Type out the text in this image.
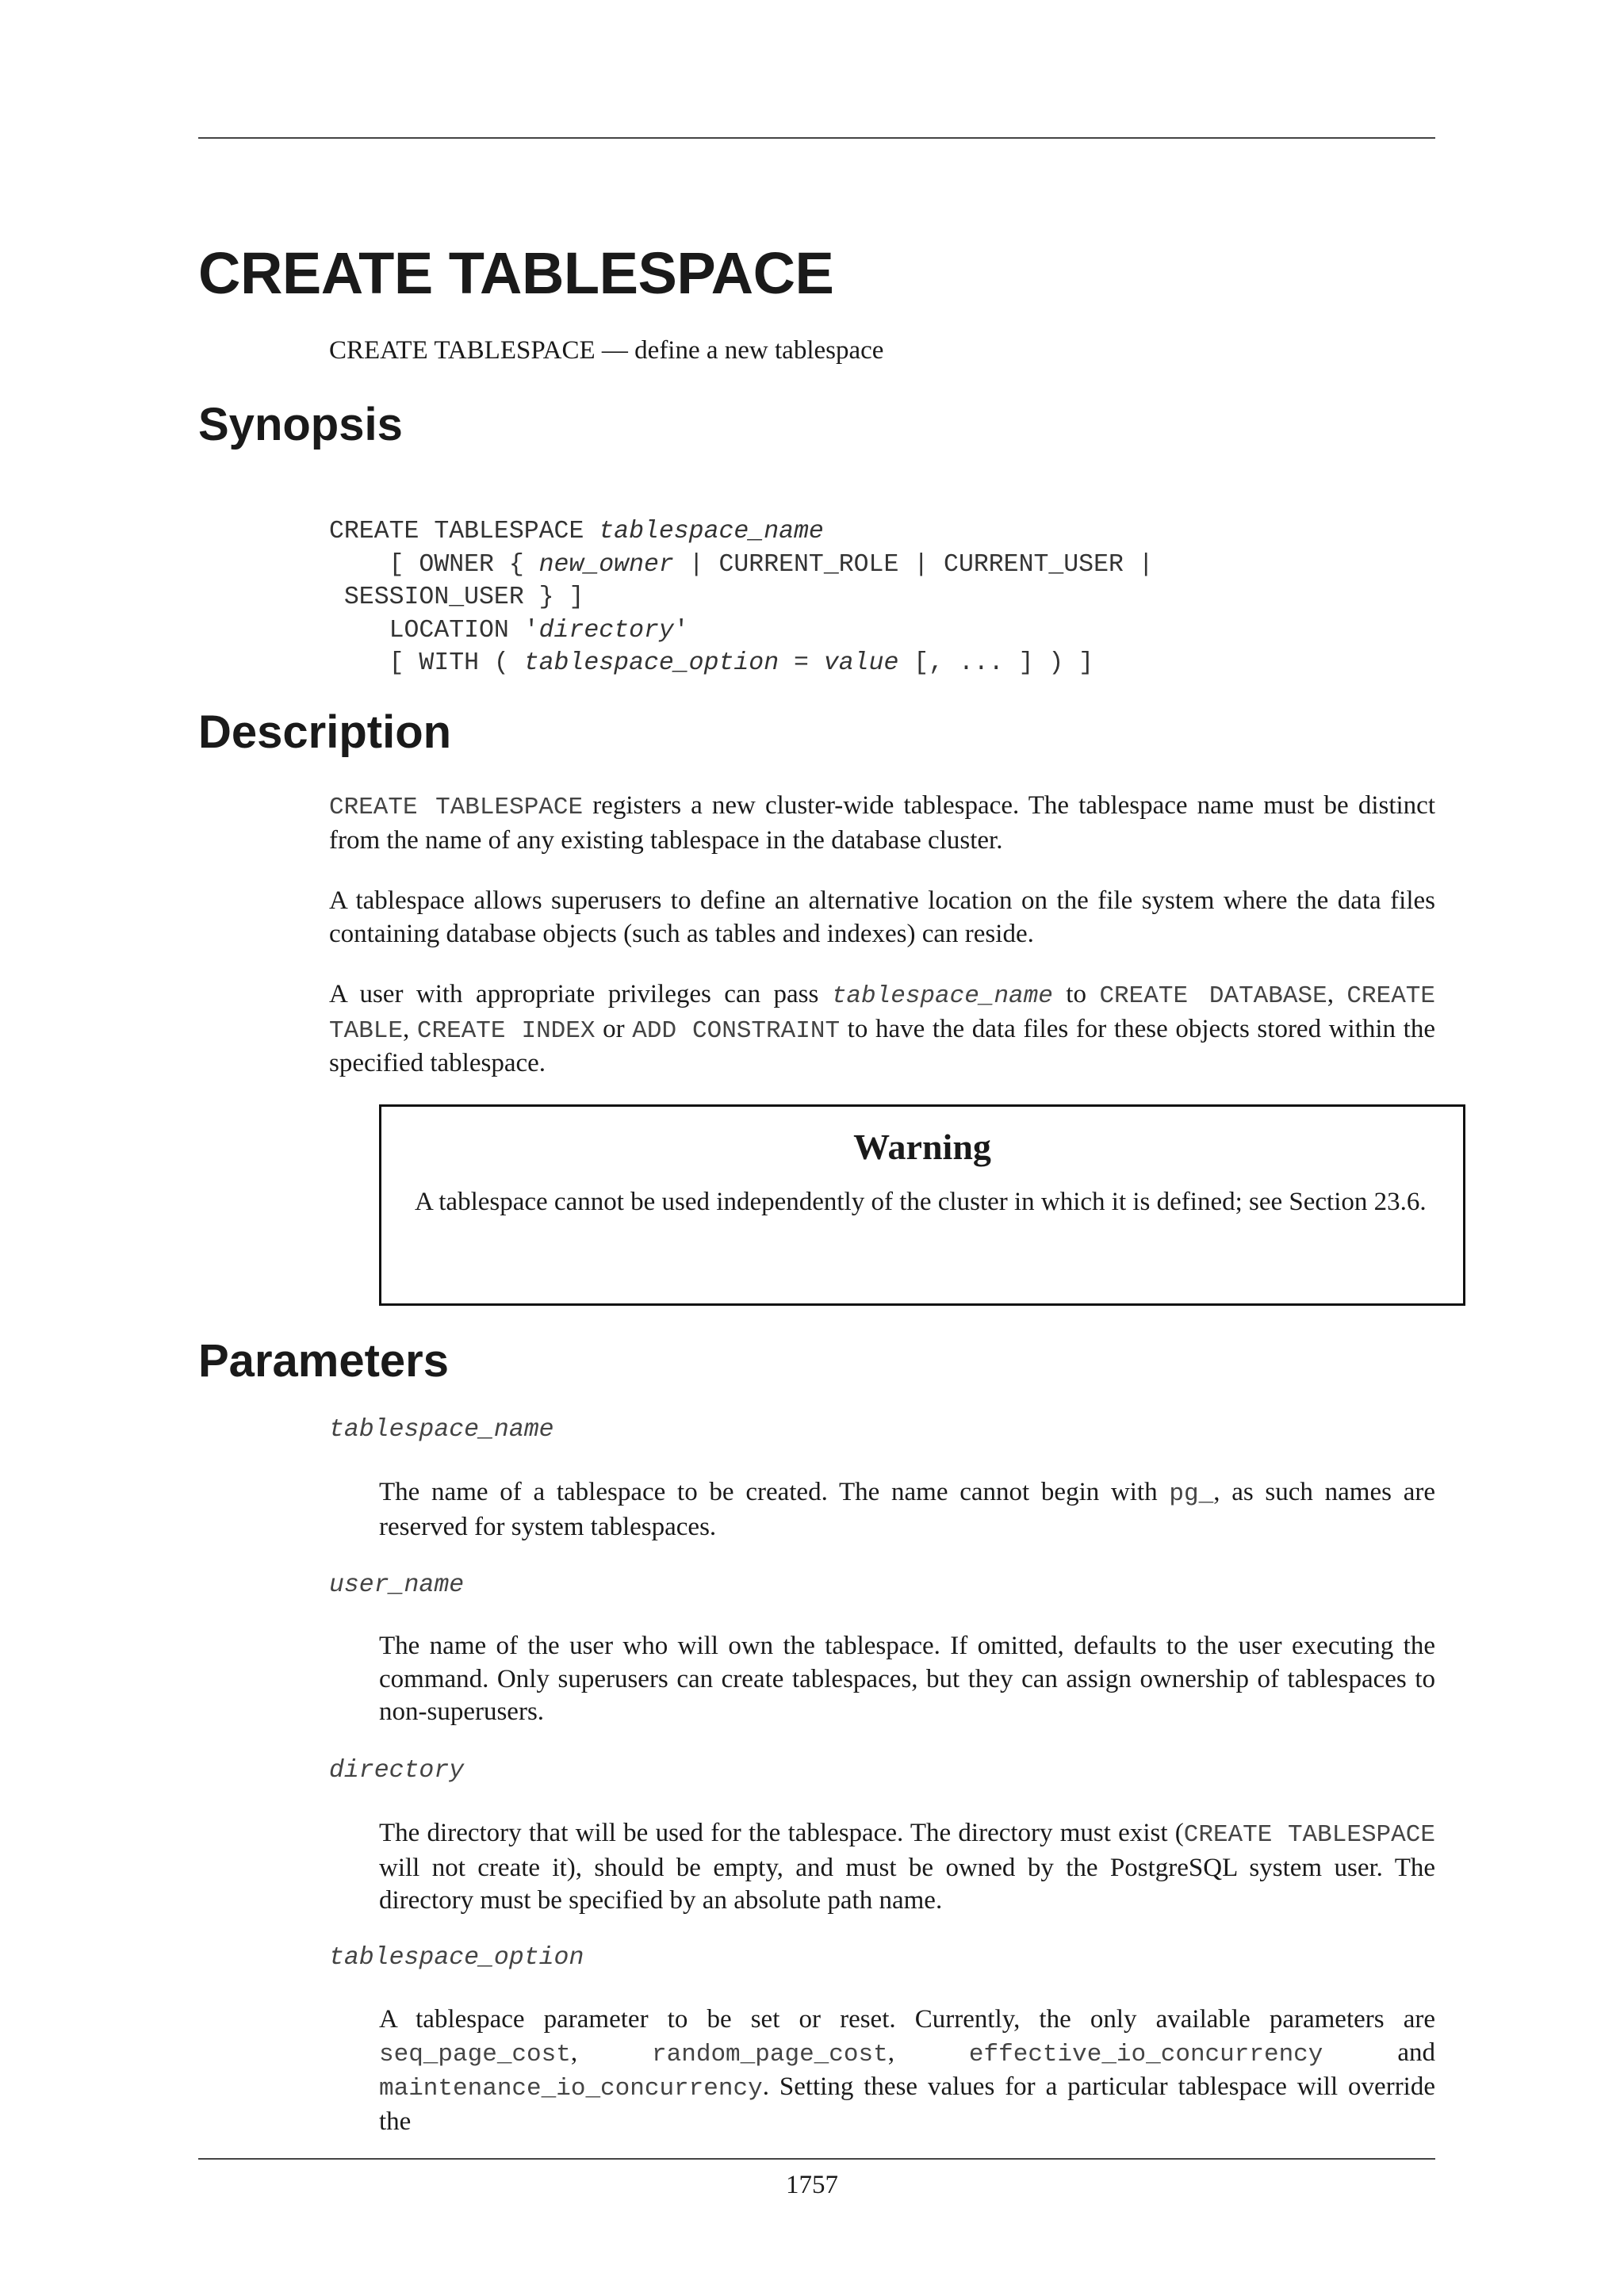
CREATE TABLESPACE
CREATE TABLESPACE — define a new tablespace
Synopsis
CREATE TABLESPACE tablespace_name
[ OWNER { new_owner | CURRENT_ROLE | CURRENT_USER |
SESSION_USER } ]
LOCATION 'directory'
[ WITH ( tablespace_option = value [, ... ] ) ]
Description

CREATE TABLESPACE registers a new cluster-wide tablespace. The tablespace name must be distinct from the name of any existing tablespace in the database cluster.

A tablespace allows superusers to define an alternative location on the file system where the data files containing database objects (such as tables and indexes) can reside.

A user with appropriate privileges can pass tablespace_name to CREATE DATABASE, CREATE TABLE, CREATE INDEX or ADD CONSTRAINT to have the data files for these objects stored within the specified tablespace.

Warning
A tablespace cannot be used independently of the cluster in which it is defined; see Section 23.6.
Parameters
tablespace_name
The name of a tablespace to be created. The name cannot begin with pg_, as such names are reserved for system tablespaces.
user_name
The name of the user who will own the tablespace. If omitted, defaults to the user executing the command. Only superusers can create tablespaces, but they can assign ownership of tablespaces to non-superusers.
directory
The directory that will be used for the tablespace. The directory must exist (CREATE TABLESPACE will not create it), should be empty, and must be owned by the PostgreSQL system user. The directory must be specified by an absolute path name.
tablespace_option
A tablespace parameter to be set or reset. Currently, the only available parameters are seq_page_cost, random_page_cost, effective_io_concurrency and maintenance_io_concurrency. Setting these values for a particular tablespace will override the
1757
